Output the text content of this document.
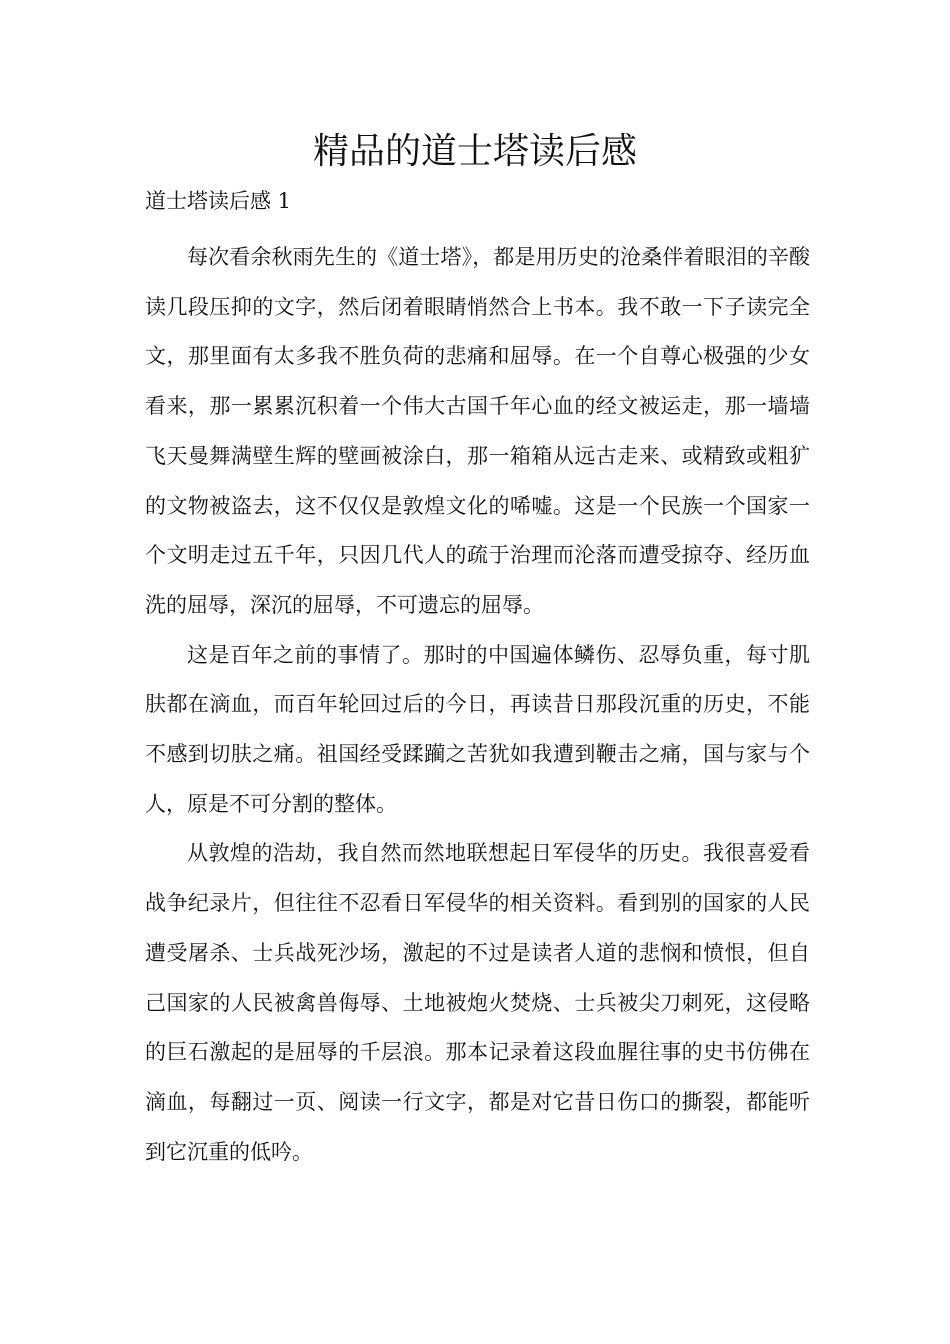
精品的道士塔读后感

道士塔读后感 1

每次看余秋雨先生的《道士塔》，都是用历史的沧桑伴着眼泪的辛酸读几段压抑的文字，然后闭着眼睛悄然合上书本。我不敢一下子读完全文，那里面有太多我不胜负荷的悲痛和屈辱。在一个自尊心极强的少女看来，那一累累沉积着一个伟大古国千年心血的经文被运走，那一墙墙飞天曼舞满壁生辉的壁画被涂白，那一箱箱从远古走来、或精致或粗犷的文物被盗去，这不仅仅是敦煌文化的唏嘘。这是一个民族一个国家一个文明走过五千年，只因几代人的疏于治理而沦落而遭受掠夺、经历血洗的屈辱，深沉的屈辱，不可遗忘的屈辱。

这是百年之前的事情了。那时的中国遍体鳞伤、忍辱负重，每寸肌肤都在滴血，而百年轮回过后的今日，再读昔日那段沉重的历史，不能不感到切肤之痛。祖国经受蹂躏之苦犹如我遭到鞭击之痛，国与家与个人，原是不可分割的整体。

从敦煌的浩劫，我自然而然地联想起日军侵华的历史。我很喜爱看战争纪录片，但往往不忍看日军侵华的相关资料。看到别的国家的人民遭受屠杀、士兵战死沙场，激起的不过是读者人道的悲悯和愤恨，但自己国家的人民被禽兽侮辱、土地被炮火焚烧、士兵被尖刀刺死，这侵略的巨石激起的是屈辱的千层浪。那本记录着这段血腥往事的史书仿佛在滴血，每翻过一页、阅读一行文字，都是对它昔日伤口的撕裂，都能听到它沉重的低吟。
